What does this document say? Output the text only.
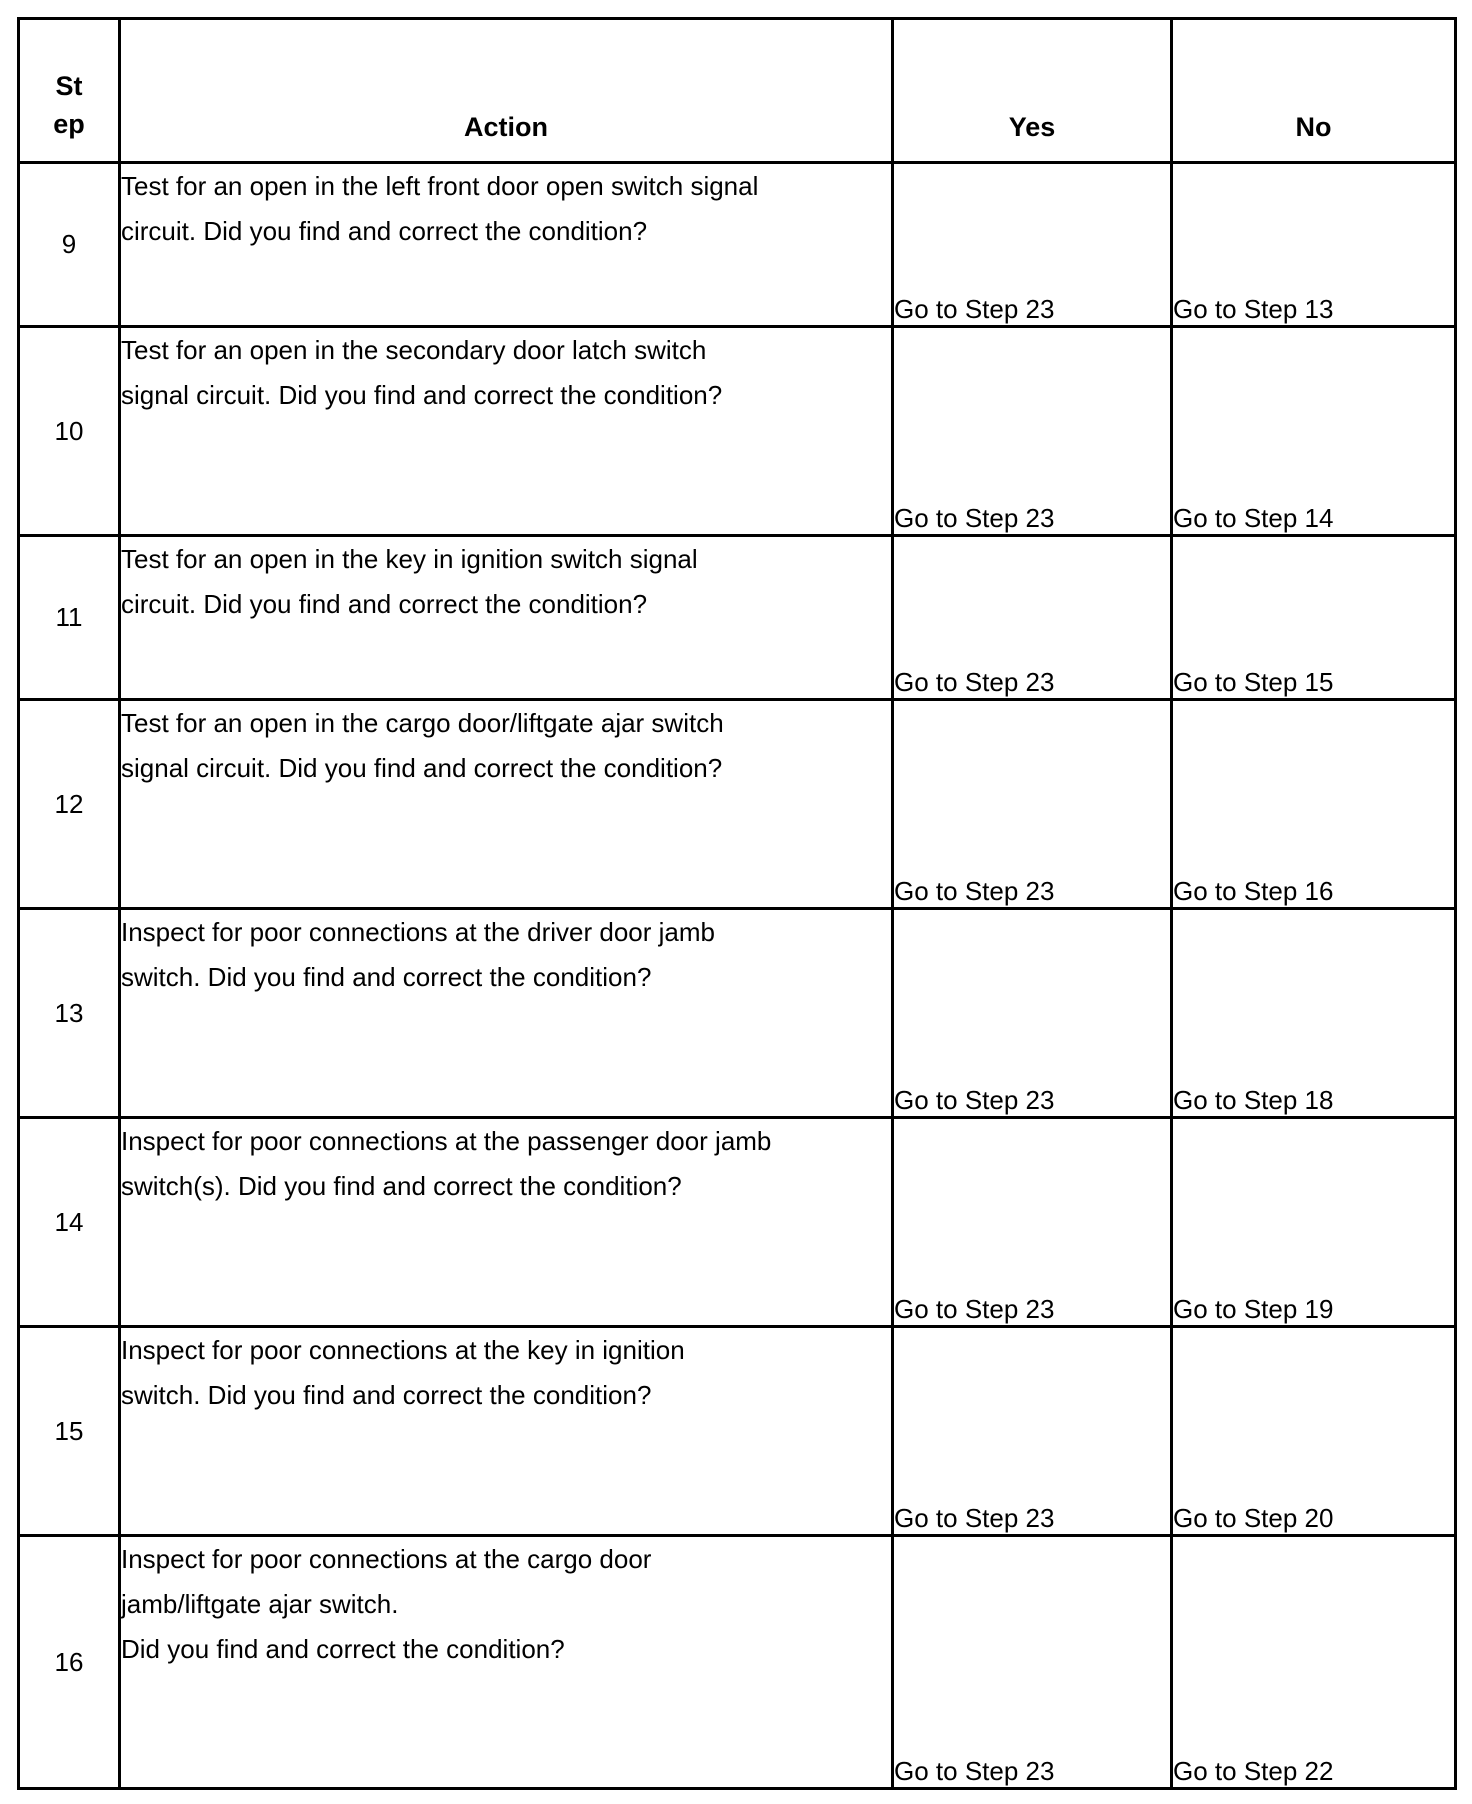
Step	Action	Yes	No
9	Test for an open in the left front door open switch signal
circuit. Did you find and correct the condition?	Go to Step 23	Go to Step 13
10	Test for an open in the secondary door latch switch
signal circuit. Did you find and correct the condition?	Go to Step 23	Go to Step 14
11	Test for an open in the key in ignition switch signal
circuit. Did you find and correct the condition?	Go to Step 23	Go to Step 15
12	Test for an open in the cargo door/liftgate ajar switch
signal circuit. Did you find and correct the condition?	Go to Step 23	Go to Step 16
13	Inspect for poor connections at the driver door jamb
switch. Did you find and correct the condition?	Go to Step 23	Go to Step 18
14	Inspect for poor connections at the passenger door jamb
switch(s). Did you find and correct the condition?	Go to Step 23	Go to Step 19
15	Inspect for poor connections at the key in ignition
switch. Did you find and correct the condition?	Go to Step 23	Go to Step 20
16	Inspect for poor connections at the cargo door
jamb/liftgate ajar switch.
Did you find and correct the condition?	Go to Step 23	Go to Step 22
